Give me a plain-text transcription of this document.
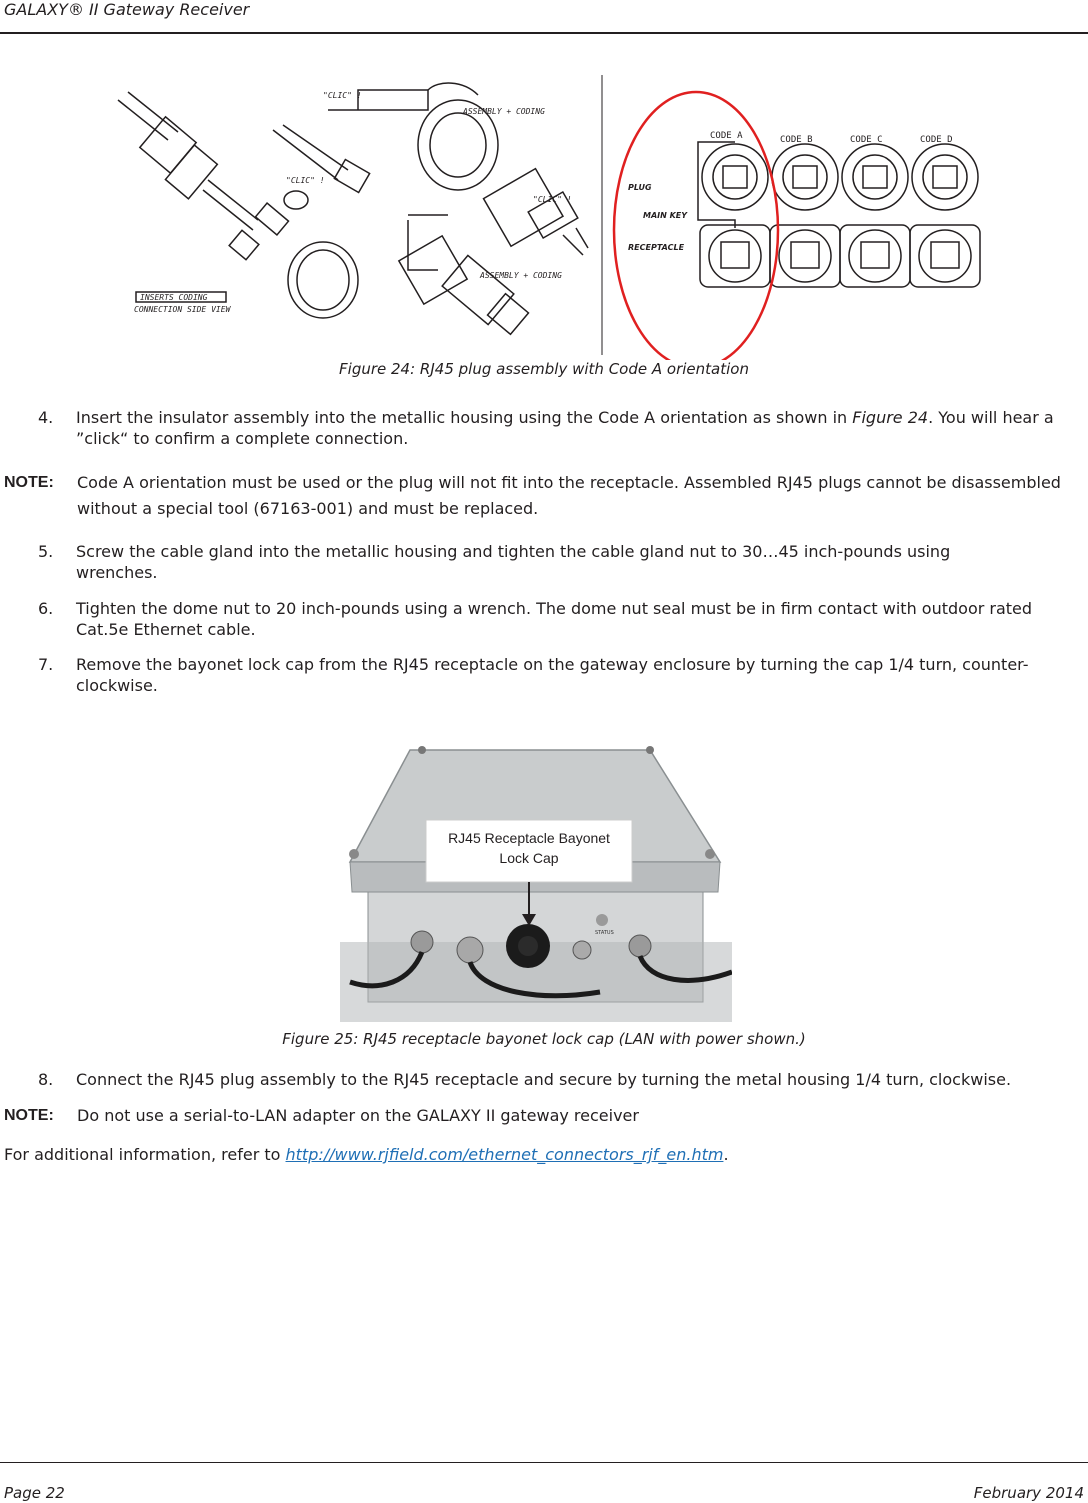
GALAXY® II Gateway Receiver
"CLIC" !
ASSEMBLY + CODING
"CLIC" !
"CLIC" !
ASSEMBLY + CODING
INSERTS CODING
CONNECTION SIDE VIEW
CODE A	CODE B	CODE C	CODE D
PLUG
MAIN KEY
RECEPTACLE
Figure 24: RJ45 plug assembly with Code A orientation
4.	Insert the insulator assembly into the metallic housing using the Code A orientation as shown in Figure 24. You will hear a ”click“ to confirm a complete connection.
NOTE: Code A orientation must be used or the plug will not fit into the receptacle. Assembled RJ45 plugs cannot be disassembled without a special tool (67163-001) and must be replaced.
5.	Screw the cable gland into the metallic housing and tighten the cable gland nut to 30…45 inch-pounds using wrenches.
6.	Tighten the dome nut to 20 inch-pounds using a wrench. The dome nut seal must be in firm contact with outdoor rated Cat.5e Ethernet cable.
7.	Remove the bayonet lock cap from the RJ45 receptacle on the gateway enclosure by turning the cap 1/4 turn, counter-clockwise.
STATUS
RJ45 Receptacle Bayonet
Lock Cap
Figure 25: RJ45 receptacle bayonet lock cap (LAN with power shown.)
8.	Connect the RJ45 plug assembly to the RJ45 receptacle and secure by turning the metal housing 1/4 turn, clockwise.
NOTE: Do not use a serial-to-LAN adapter on the GALAXY II gateway receiver
For additional information, refer to http://www.rjfield.com/ethernet_connectors_rjf_en.htm.
Page 22	February 2014
